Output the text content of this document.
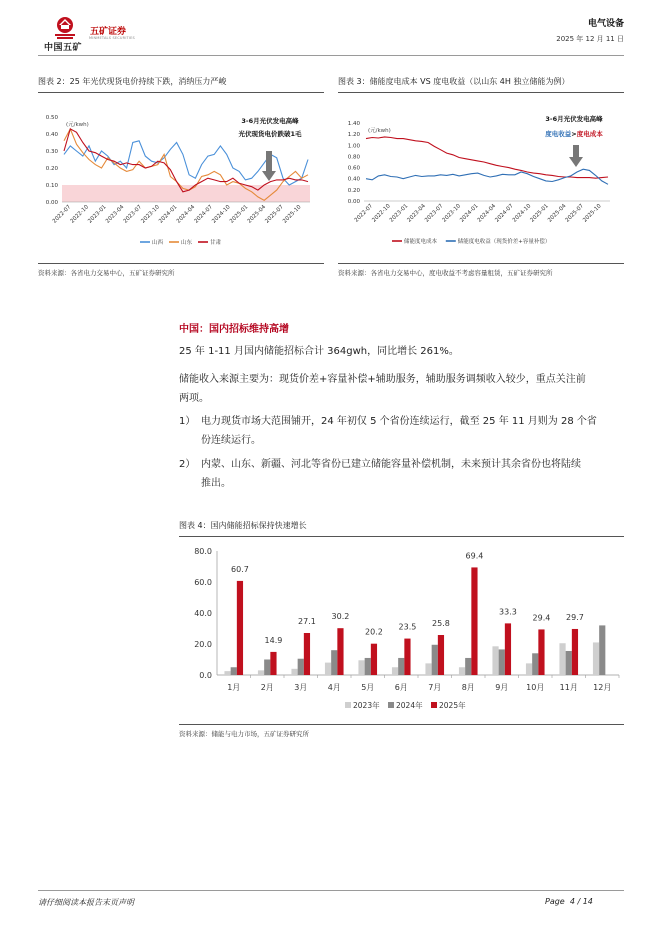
中国五矿
五矿证券
MINMETALS SECURITIES
电气设备
2025 年 12 月 11 日
图表 2：25 年光伏现货电价持续下跌，消纳压力严峻
(元/kwh)
0.50
0.40
0.30
0.20
0.10
0.00
2022-07
2022-10
2023-01
2023-04
2023-07
2023-10
2024-01
2024-04
2024-07
2024-10
2025-01
2025-04
2025-07
2025-10
山西	山东	甘肃
3-6月光伏发电高峰
光伏现货电价跌破1毛
资料来源：各省电力交易中心，五矿证券研究所
图表 3：储能度电成本 VS 度电收益（以山东 4H 独立储能为例）
(元/kwh)
1.40
1.20
1.00
0.80
0.60
0.40
0.20
0.00
2022-07
2022-10
2023-01
2023-04
2023-07
2023-10
2024-01
2024-04
2024-07
2024-10
2025-01
2025-04
2025-07
2025-10
储能度电成本	储能度电收益（现货价差+容量补偿）
3-6月光伏发电高峰
度电收益>度电成本
资料来源：各省电力交易中心，度电收益不考虑容量租赁，五矿证券研究所
中国：国内招标维持高增
25 年 1-11 月国内储能招标合计 364gwh，同比增长 261%。
储能收入来源主要为：现货价差+容量补偿+辅助服务，辅助服务调频收入较少，重点关注前
两项。
1） 电力现货市场大范围铺开，24 年初仅 5 个省份连续运行，截至 25 年 11 月则为 28 个省
份连续运行。
2） 内蒙、山东、新疆、河北等省份已建立储能容量补偿机制，未来预计其余省份也将陆续
推出。
图表 4：国内储能招标保持快速增长
80.0
60.0
40.0
20.0
0.0
1月
60.7
2月
14.9
3月
27.1
4月
30.2
5月
20.2
6月
23.5
7月
25.8
8月
69.4
9月
33.3
10月
29.4
11月
29.7
12月
2023年 2024年 2025年
资料来源：储能与电力市场，五矿证券研究所
请仔细阅读本报告末页声明	Page 4 / 14
